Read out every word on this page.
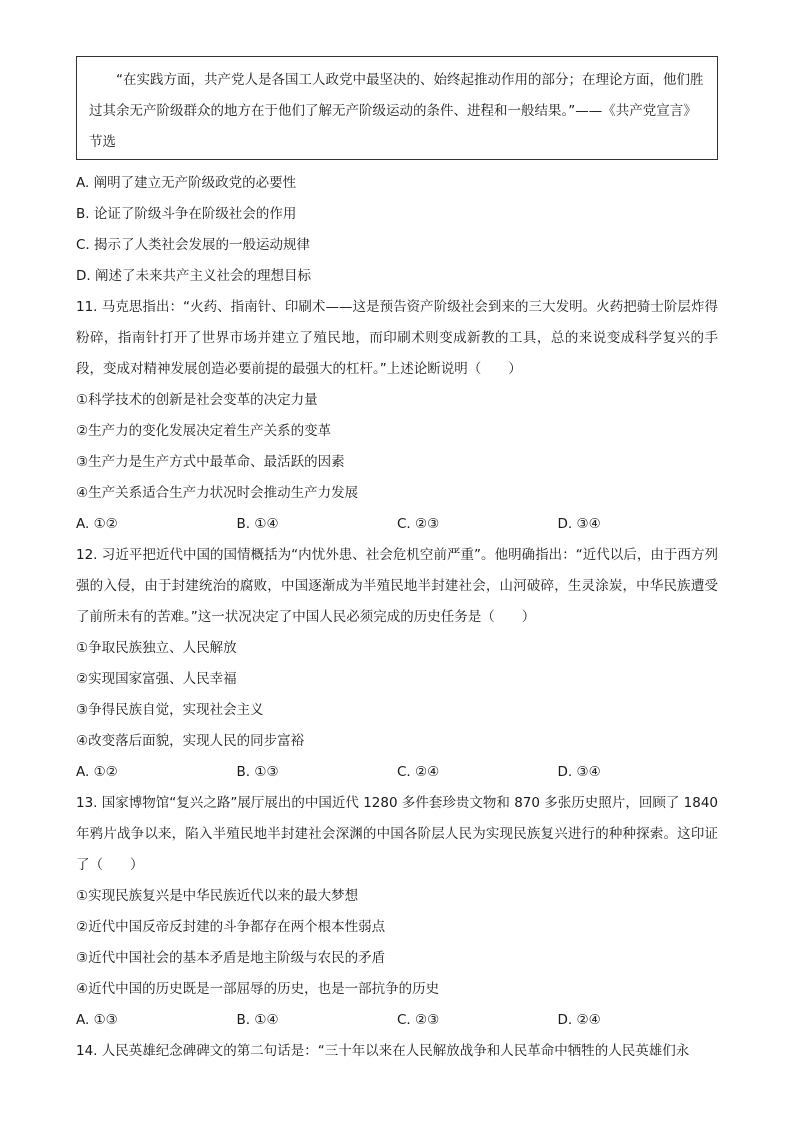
“在实践方面，共产党人是各国工人政党中最坚决的、始终起推动作用的部分；在理论方面，他们胜过其余无产阶级群众的地方在于他们了解无产阶级运动的条件、进程和一般结果。”——《共产党宣言》节选
A. 阐明了建立无产阶级政党的必要性
B. 论证了阶级斗争在阶级社会的作用
C. 揭示了人类社会发展的一般运动规律
D. 阐述了未来共产主义社会的理想目标
11. 马克思指出：“火药、指南针、印刷术——这是预告资产阶级社会到来的三大发明。火药把骑士阶层炸得粉碎，指南针打开了世界市场并建立了殖民地，而印刷术则变成新教的工具，总的来说变成科学复兴的手段，变成对精神发展创造必要前提的最强大的杠杆。”上述论断说明（　　）
①科学技术的创新是社会变革的决定力量
②生产力的变化发展决定着生产关系的变革
③生产力是生产方式中最革命、最活跃的因素
④生产关系适合生产力状况时会推动生产力发展
A. ①②	B. ①④	C. ②③	D. ③④
12. 习近平把近代中国的国情概括为“内忧外患、社会危机空前严重”。他明确指出：“近代以后，由于西方列强的入侵，由于封建统治的腐败，中国逐渐成为半殖民地半封建社会，山河破碎，生灵涂炭，中华民族遭受了前所未有的苦难。”这一状况决定了中国人民必须完成的历史任务是（　　）
①争取民族独立、人民解放
②实现国家富强、人民幸福
③争得民族自觉，实现社会主义
④改变落后面貌，实现人民的同步富裕
A. ①②	B. ①③	C. ②④	D. ③④
13. 国家博物馆“复兴之路”展厅展出的中国近代 1280 多件套珍贵文物和 870 多张历史照片，回顾了 1840 年鸦片战争以来，陷入半殖民地半封建社会深渊的中国各阶层人民为实现民族复兴进行的种种探索。这印证了（　　）
①实现民族复兴是中华民族近代以来的最大梦想
②近代中国反帝反封建的斗争都存在两个根本性弱点
③近代中国社会的基本矛盾是地主阶级与农民的矛盾
④近代中国的历史既是一部屈辱的历史，也是一部抗争的历史
A. ①③	B. ①④	C. ②③	D. ②④
14. 人民英雄纪念碑碑文的第二句话是：“三十年以来在人民解放战争和人民革命中牺牲的人民英雄们永
